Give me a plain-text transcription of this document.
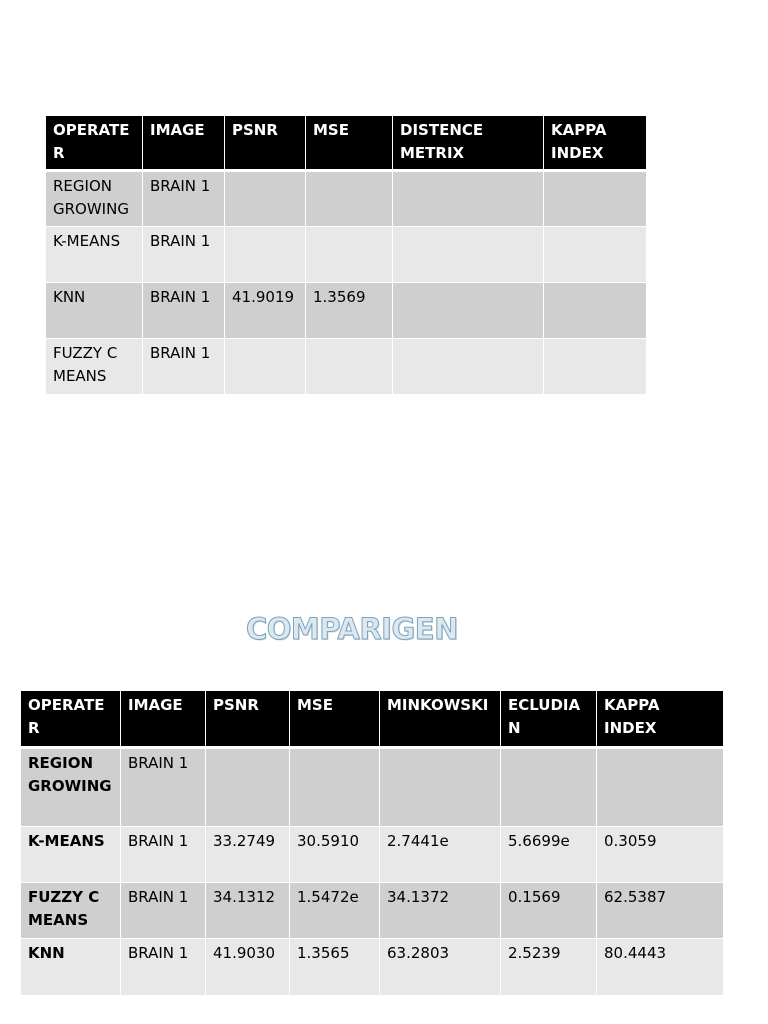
OPERATE R	IMAGE	PSNR	MSE	DISTENCE METRIX	KAPPA INDEX
REGION GROWING	BRAIN 1				
K-MEANS	BRAIN 1				
KNN	BRAIN 1	41.9019	1.3569		
FUZZY C MEANS	BRAIN 1				
COMPARIGEN
OPERATER	IMAGE	PSNR	MSE	MINKOWSKI	ECLUDIA N	KAPPA INDEX
REGION GROWING	BRAIN 1					
K-MEANS	BRAIN 1	33.2749	30.5910	2.7441e	5.6699e	0.3059
FUZZY C MEANS	BRAIN 1	34.1312	1.5472e	34.1372	0.1569	62.5387
KNN	BRAIN 1	41.9030	1.3565	63.2803	2.5239	80.4443
